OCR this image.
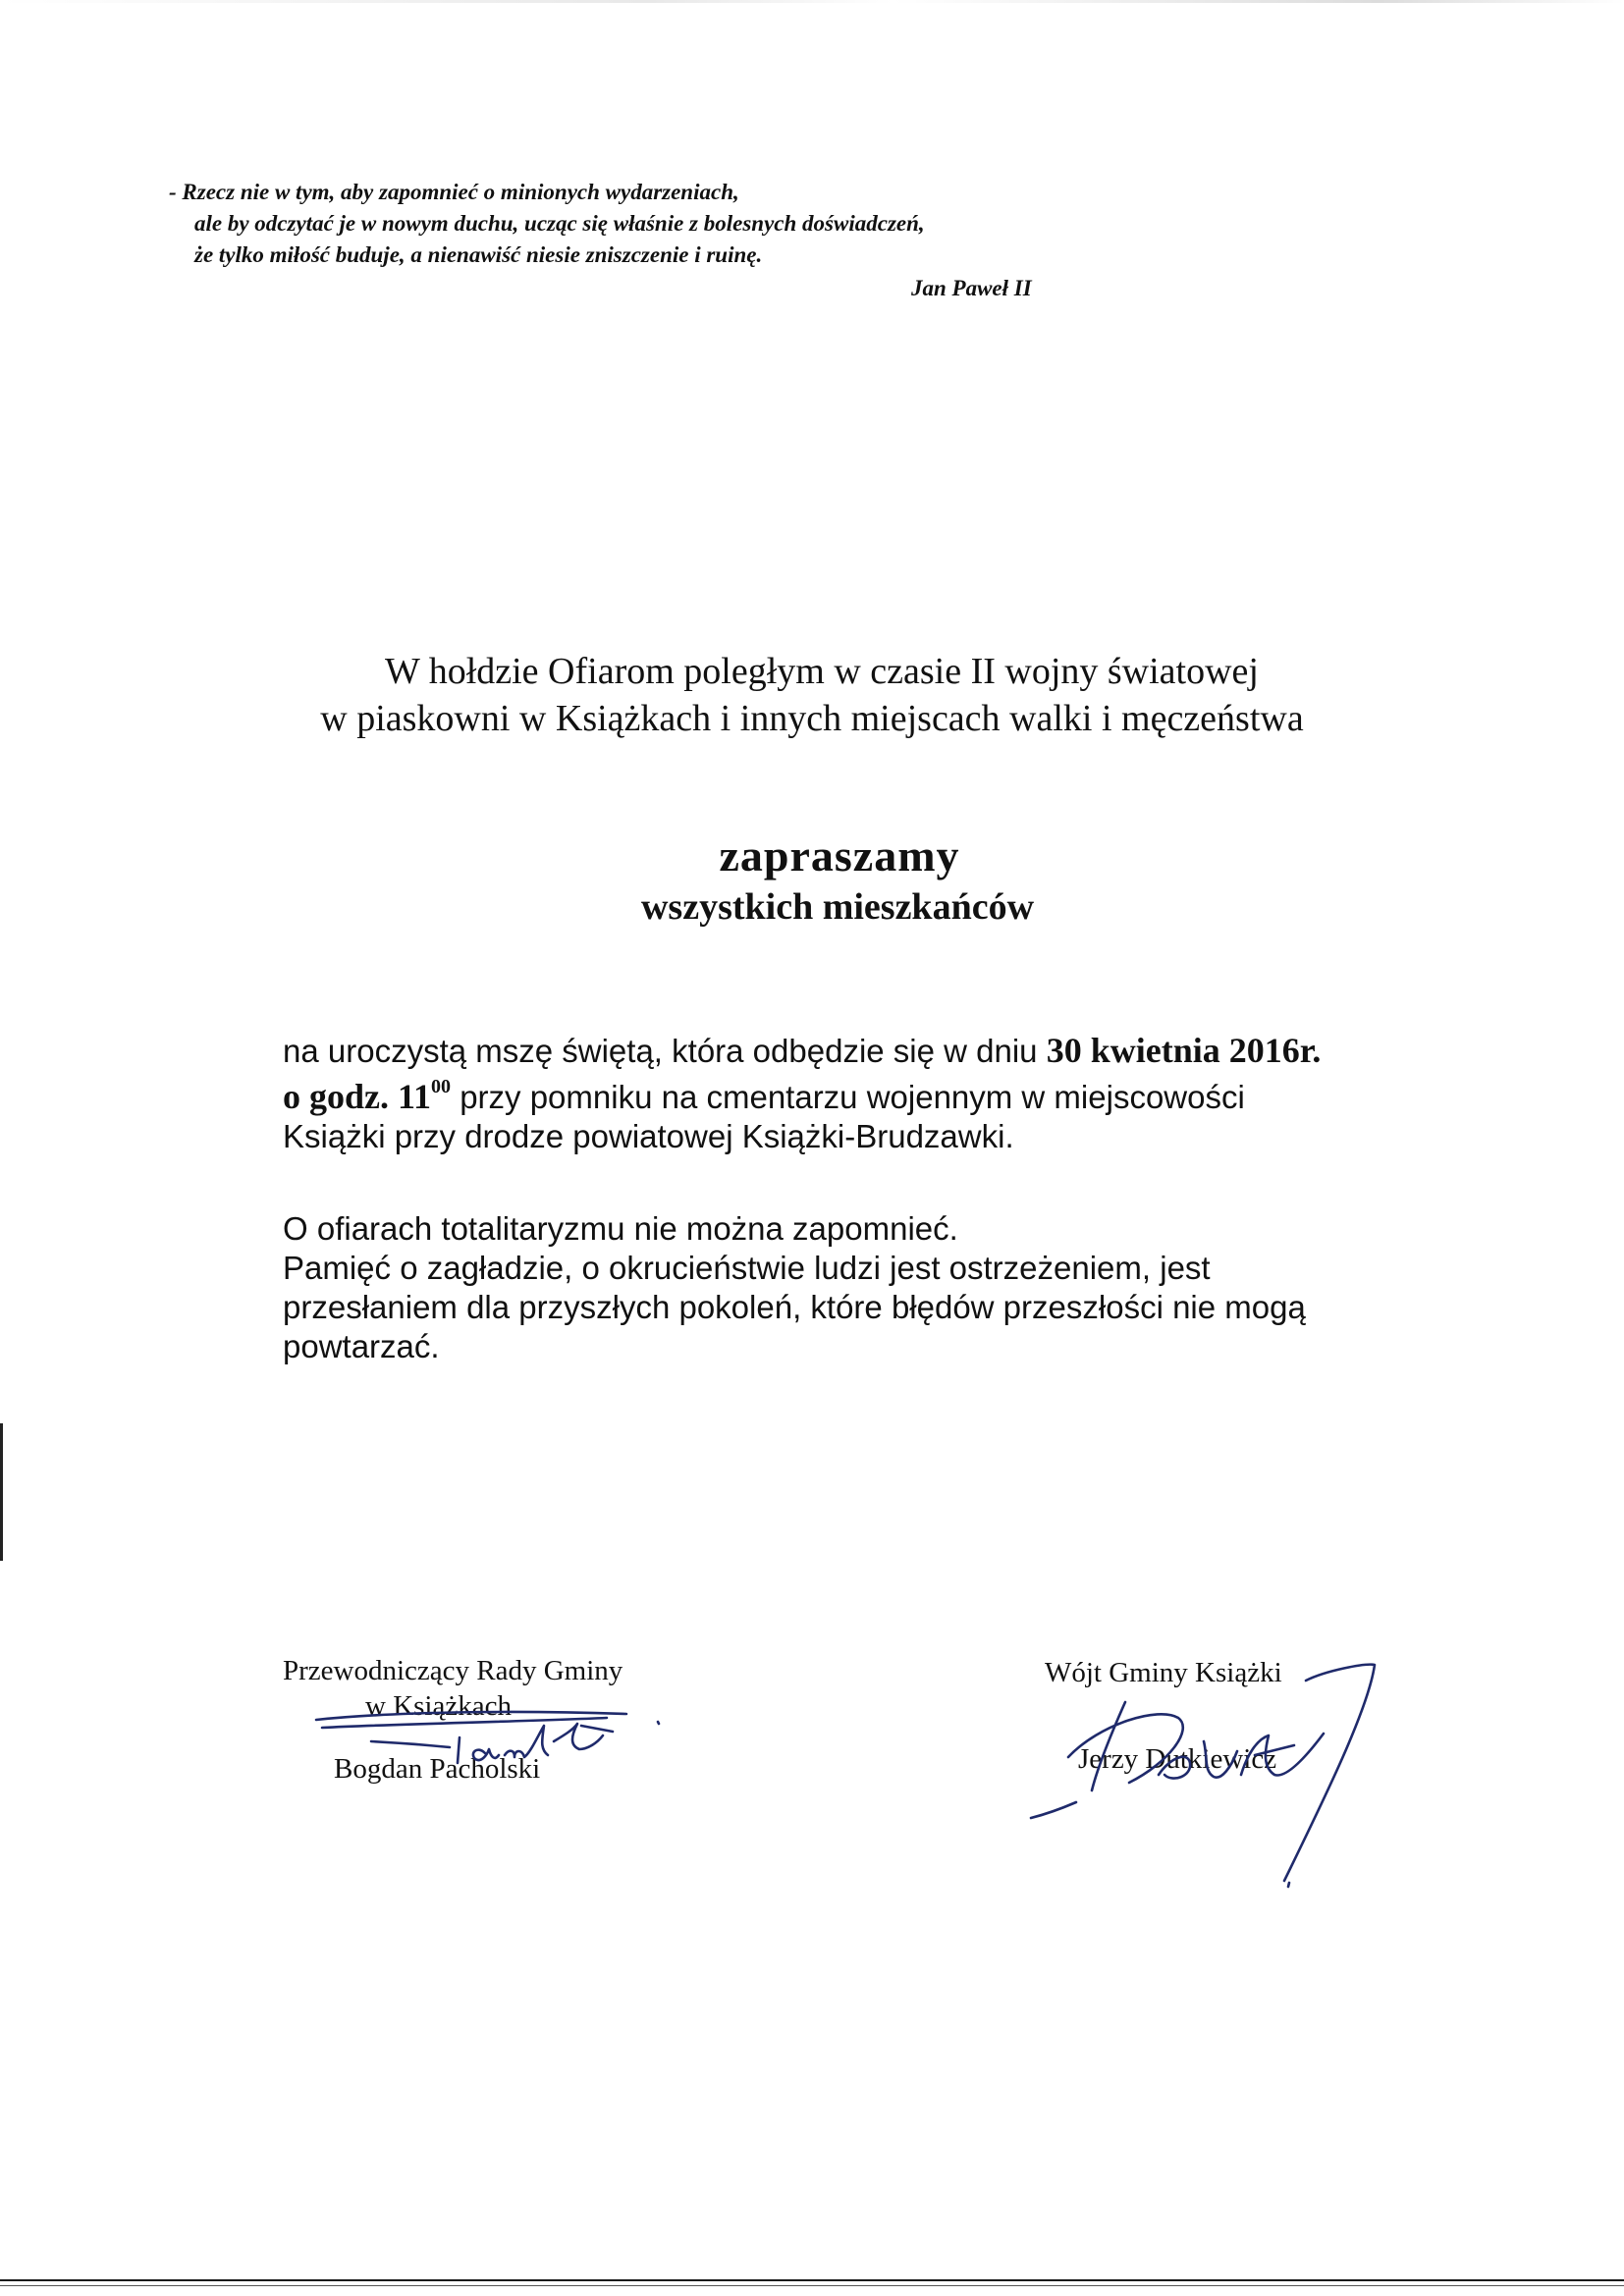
- Rzecz nie w tym, aby zapomnieć o minionych wydarzeniach,
ale by odczytać je w nowym duchu, ucząc się właśnie z bolesnych doświadczeń,
że tylko miłość buduje, a nienawiść niesie zniszczenie i ruinę.
Jan Paweł II
W hołdzie Ofiarom poległym w czasie II wojny światowej
w piaskowni w Książkach i innych miejscach walki i męczeństwa
zapraszamy
wszystkich mieszkańców
na uroczystą mszę świętą, która odbędzie się w dniu 30 kwietnia 2016r.
o godz. $11^{00}$ przy pomniku na cmentarzu wojennym w miejscowości
Książki przy drodze powiatowej Książki-Brudzawki.
O ofiarach totalitaryzmu nie można zapomnieć.
Pamięć o zagładzie, o okrucieństwie ludzi jest ostrzeżeniem, jest
przesłaniem dla przyszłych pokoleń, które błędów przeszłości nie mogą
powtarzać.
Przewodniczący Rady Gminy
w Książkach
Bogdan Pacholski
Wójt Gminy Książki
Jerzy Dutkiewicz
